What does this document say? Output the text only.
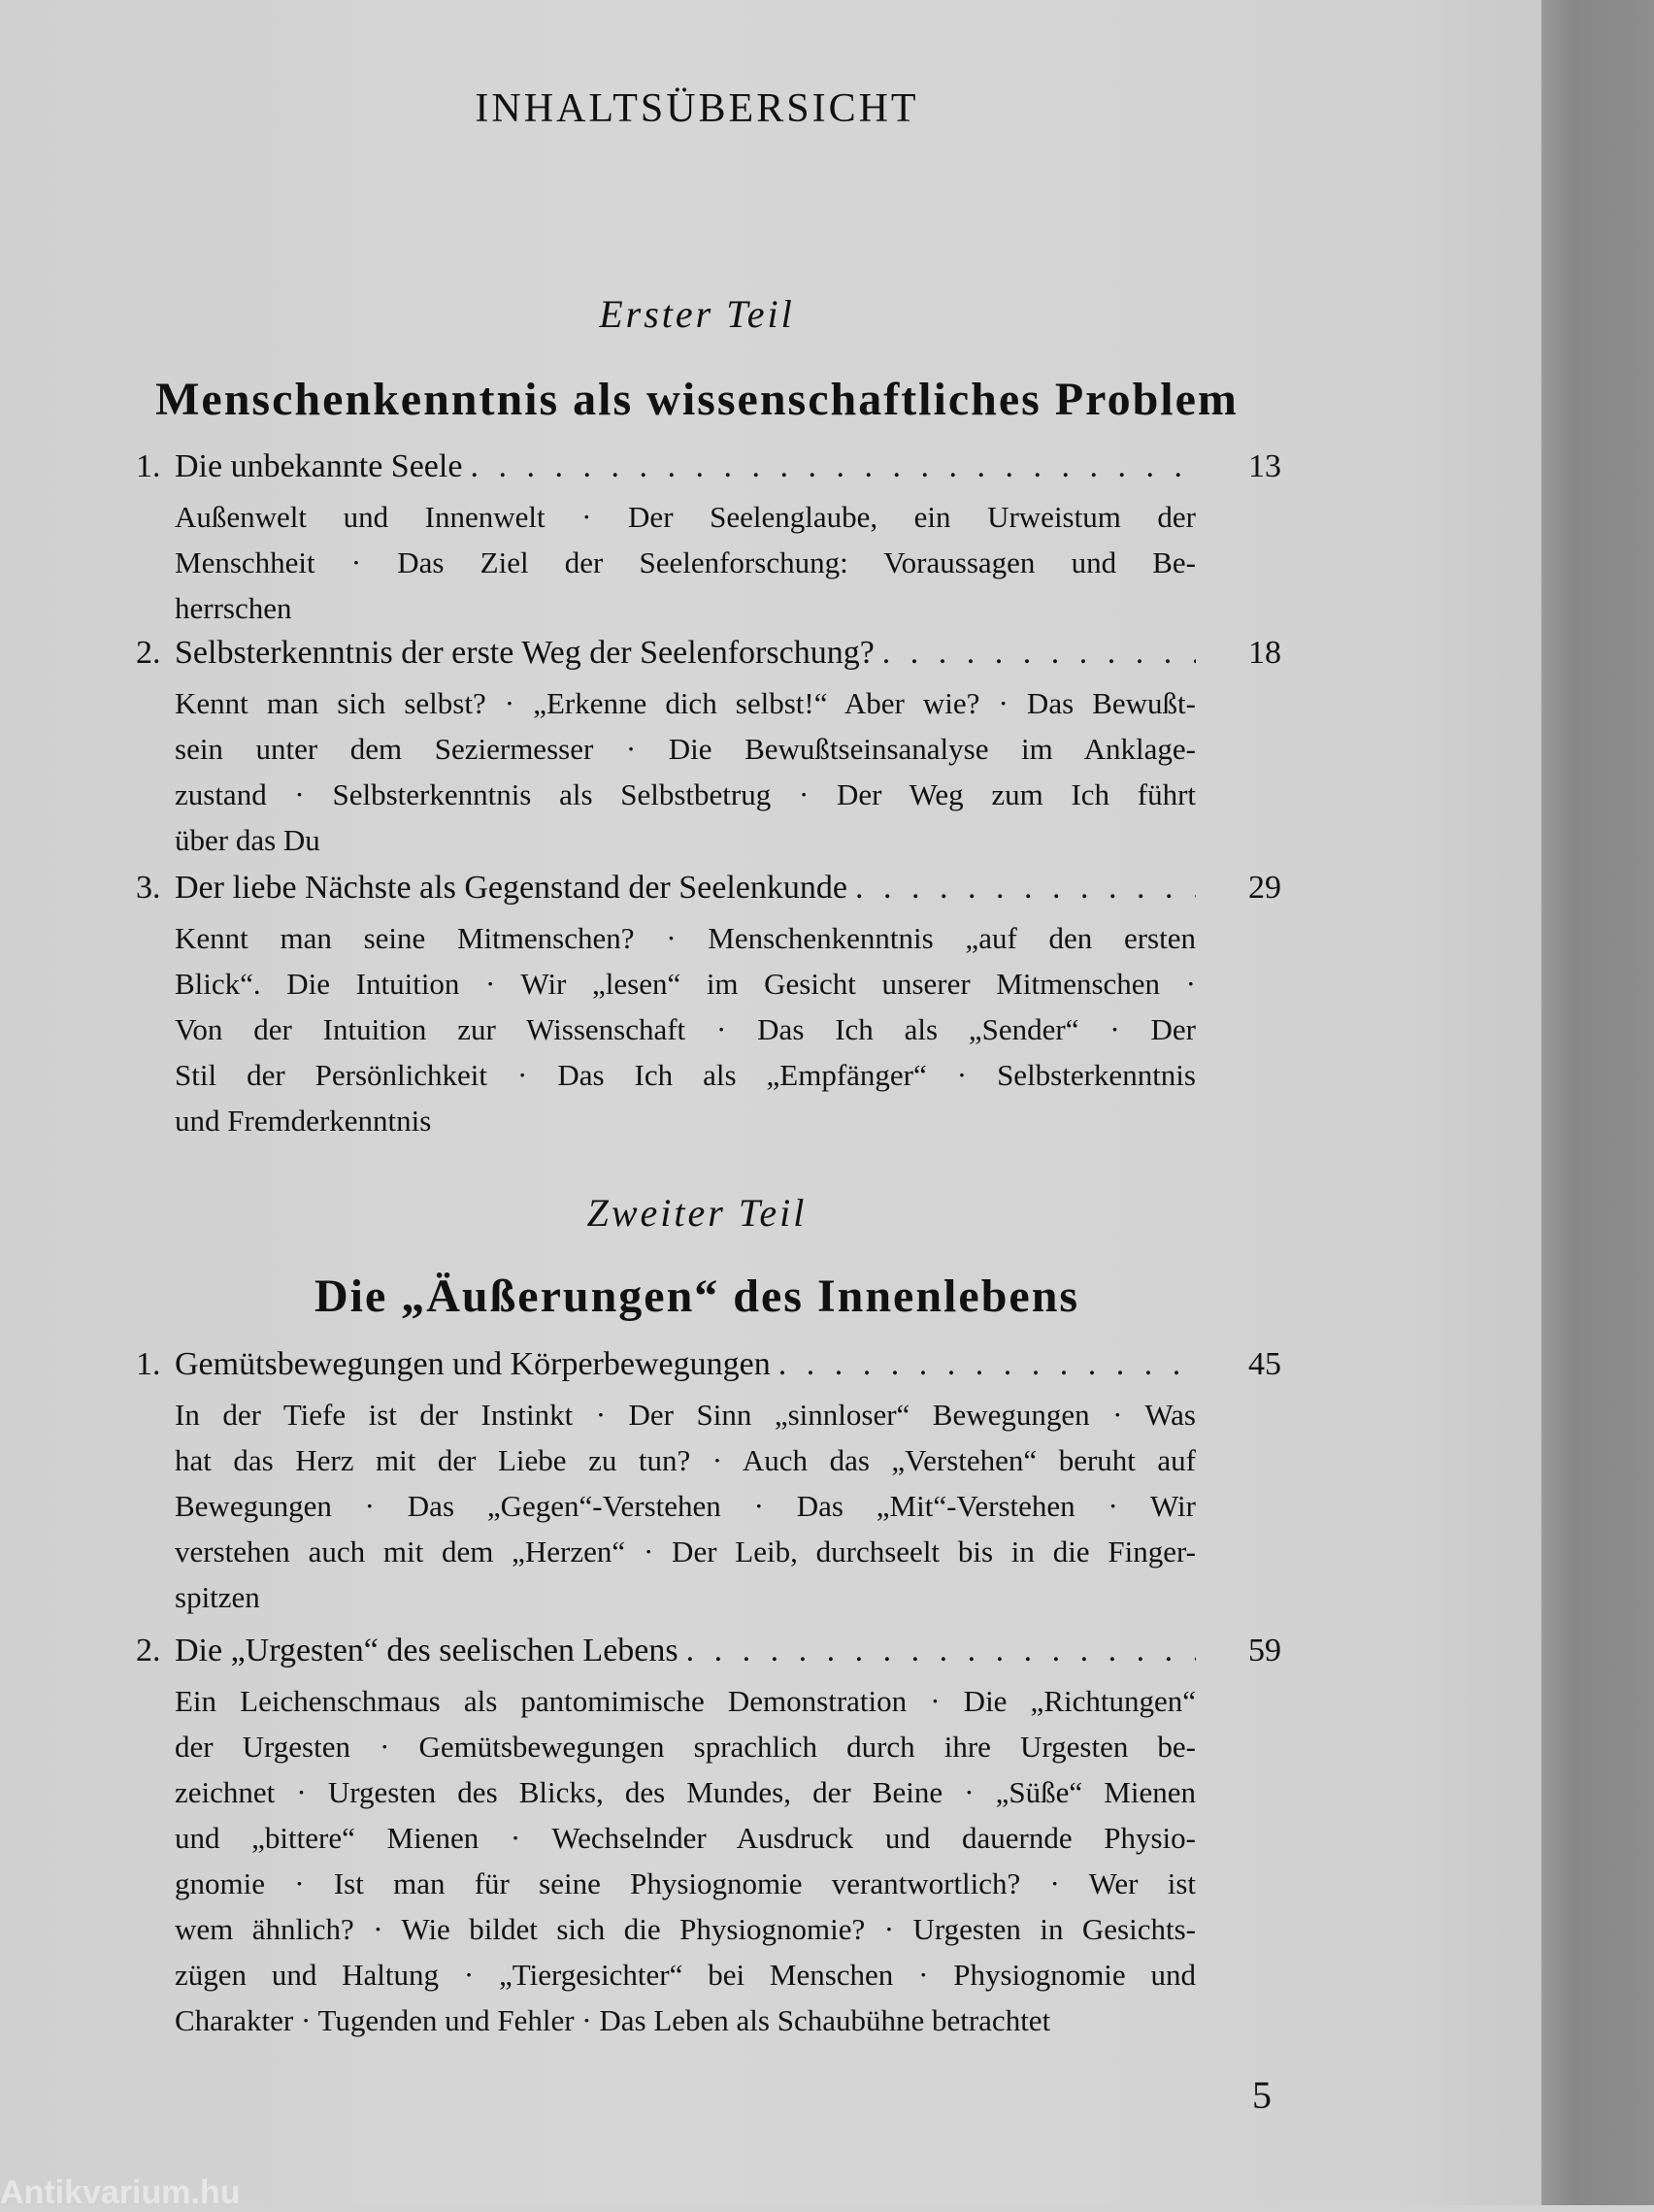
INHALTSÜBERSICHT
Erster Teil
Menschenkenntnis als wissenschaftliches Problem
1. Die unbekannte Seele . . .	13
Außenwelt und Innenwelt · Der Seelenglaube, ein Urweistum der
Menschheit · Das Ziel der Seelenforschung: Voraussagen und Be-
herrschen
2. Selbsterkenntnis der erste Weg der Seelenforschung? . . .	18
Kennt man sich selbst? · „Erkenne dich selbst!“ Aber wie? · Das Bewußt-
sein unter dem Seziermesser · Die Bewußtseinsanalyse im Anklage-
zustand · Selbsterkenntnis als Selbstbetrug · Der Weg zum Ich führt
über das Du
3. Der liebe Nächste als Gegenstand der Seelenkunde . . .	29
Kennt man seine Mitmenschen? · Menschenkenntnis „auf den ersten
Blick“. Die Intuition · Wir „lesen“ im Gesicht unserer Mitmenschen ·
Von der Intuition zur Wissenschaft · Das Ich als „Sender“ · Der
Stil der Persönlichkeit · Das Ich als „Empfänger“ · Selbsterkenntnis
und Fremderkenntnis
Zweiter Teil
Die „Äußerungen“ des Innenlebens
1. Gemütsbewegungen und Körperbewegungen . . .	45
In der Tiefe ist der Instinkt · Der Sinn „sinnloser“ Bewegungen · Was
hat das Herz mit der Liebe zu tun? · Auch das „Verstehen“ beruht auf
Bewegungen · Das „Gegen“-Verstehen · Das „Mit“-Verstehen · Wir
verstehen auch mit dem „Herzen“ · Der Leib, durchseelt bis in die Finger-
spitzen
2. Die „Urgesten“ des seelischen Lebens . . .	59
Ein Leichenschmaus als pantomimische Demonstration · Die „Richtungen“
der Urgesten · Gemütsbewegungen sprachlich durch ihre Urgesten be-
zeichnet · Urgesten des Blicks, des Mundes, der Beine · „Süße“ Mienen
und „bittere“ Mienen · Wechselnder Ausdruck und dauernde Physio-
gnomie · Ist man für seine Physiognomie verantwortlich? · Wer ist
wem ähnlich? · Wie bildet sich die Physiognomie? · Urgesten in Gesichts-
zügen und Haltung · „Tiergesichter“ bei Menschen · Physiognomie und
Charakter · Tugenden und Fehler · Das Leben als Schaubühne betrachtet
5
Antikvarium.hu
